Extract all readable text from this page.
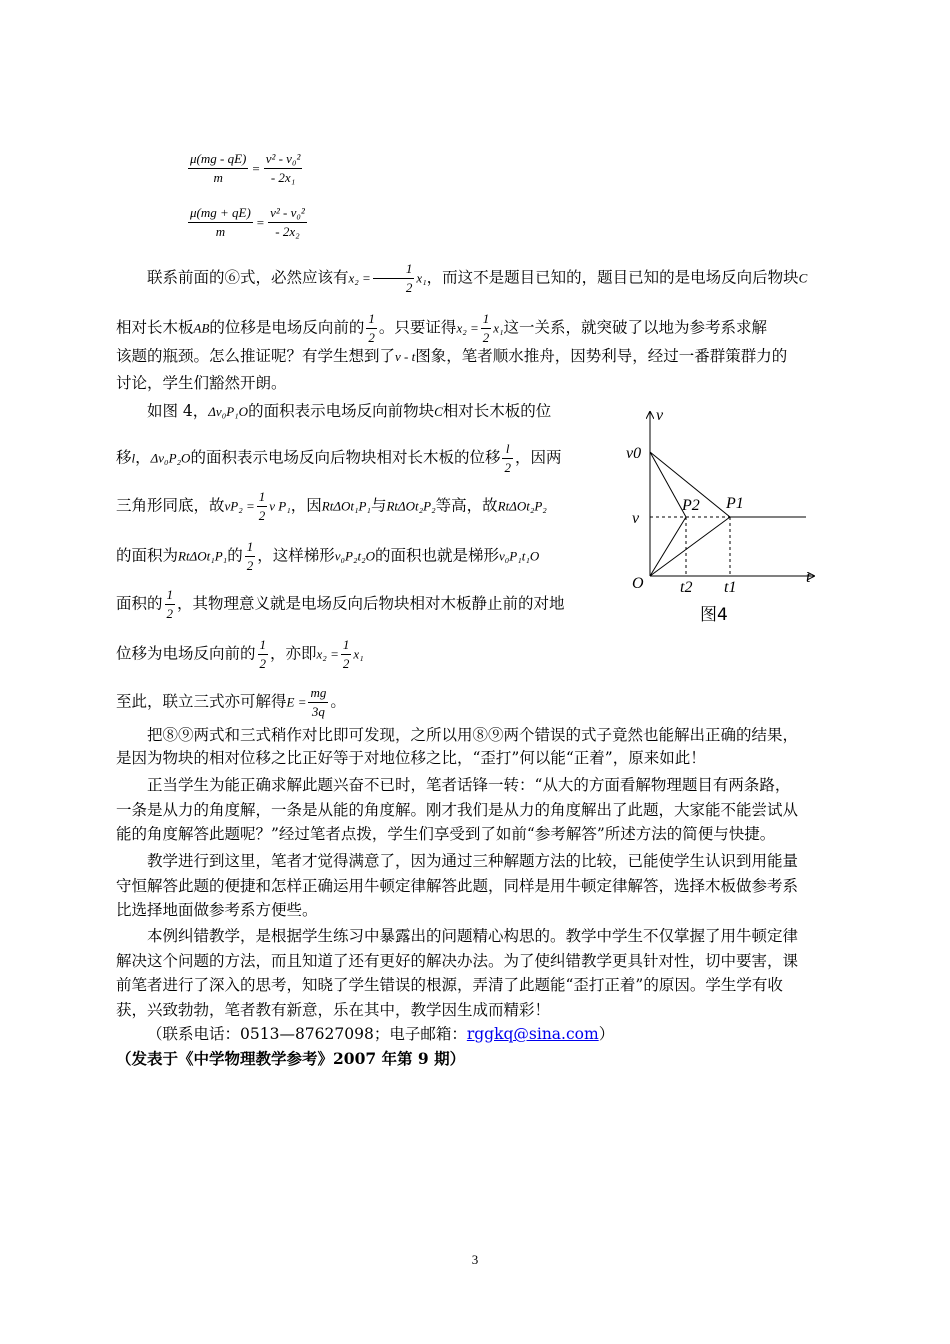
$\frac{\mu(mg - qE)}{m} = \frac{\text{v² - v₀²}}{\text{- 2x₁}}$
$\frac{\mu(mg + qE)}{m} = \frac{\text{v² - v₀²}}{\text{- 2x₂}}$
联系前面的⑥式，必然应该有$x_2 = \frac{1}{2} x_1$，而这不是题目已知的，题目已知的是电场反向后物块C
相对长木板AB的位移是电场反向前的 $\frac{1}{2}$ 。只要证得$x_2 = \frac{1}{2} x_1$这一关系，就突破了以地为参考系求解
该题的瓶颈。怎么推证呢？有学生想到了v - t图象，笔者顺水推舟，因势利导，经过一番群策群力的
讨论，学生们豁然开朗。
如图 4，Δv₀P₁O的面积表示电场反向前物块C相对长木板的位
移l，Δv₀P₂O的面积表示电场反向后物块相对长木板的位移 $\frac{l}{2}$ ，因两
三角形同底，故$vP_2 = \frac{1}{2}$ v P₁，因RtΔOt₁P₁与RtΔOt₂P₂等高，故RtΔOt₂P₂
的面积为RtΔOt₁P₁的 $\frac{1}{2}$ ，这样梯形v₀P₂t₂O的面积也就是梯形v₀P₁t₁O
面积的 $\frac{1}{2}$ ，其物理意义就是电场反向后物块相对木板静止前的对地
位移为电场反向前的 $\frac{1}{2}$ ，亦即$x_2 = \frac{1}{2} x_1$
至此，联立三式亦可解得$E = \frac{mg}{3q}$ 。
把⑧⑨两式和三式稍作对比即可发现，之所以用⑧⑨两个错误的式子竟然也能解出正确的结果，
是因为物块的相对位移之比正好等于对地位移之比，“歪打”何以能“正着”，原来如此！
正当学生为能正确求解此题兴奋不已时，笔者话锋一转：“从大的方面看解物理题目有两条路，
一条是从力的角度解，一条是从能的角度解。刚才我们是从力的角度解出了此题，大家能不能尝试从
能的角度解答此题呢？”经过笔者点拨，学生们享受到了如前“参考解答”所述方法的简便与快捷。
教学进行到这里，笔者才觉得满意了，因为通过三种解题方法的比较，已能使学生认识到用能量
守恒解答此题的便捷和怎样正确运用牛顿定律解答此题，同样是用牛顿定律解答，选择木板做参考系
比选择地面做参考系方便些。
本例纠错教学，是根据学生练习中暴露出的问题精心构思的。教学中学生不仅掌握了用牛顿定律
解决这个问题的方法，而且知道了还有更好的解决办法。为了使纠错教学更具针对性，切中要害，课
前笔者进行了深入的思考，知晓了学生错误的根源，弄清了此题能“歪打正着”的原因。学生学有收
获，兴致勃勃，笔者教有新意，乐在其中，教学因生成而精彩！
（联系电话：0513—87627098；电子邮箱：rggkq@sina.com）
（发表于《中学物理教学参考》2007 年第 9 期）
v
t
v0
v
O t2 t1
P2 P1
图4
3
